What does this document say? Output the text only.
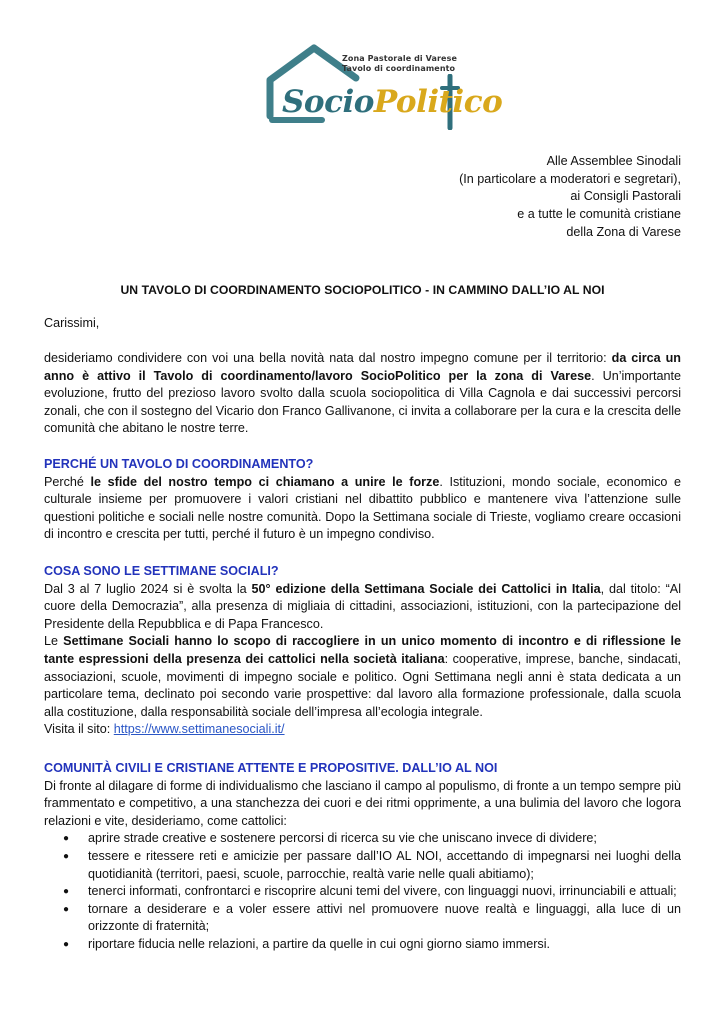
Zona Pastorale di Varese
Tavolo di coordinamento
SocioPolitico
Alle Assemblee Sinodali
(In particolare a moderatori e segretari),
ai Consigli Pastorali
e a tutte le comunità cristiane
della Zona di Varese
UN TAVOLO DI COORDINAMENTO SOCIOPOLITICO - IN CAMMINO DALL’IO AL NOI
Carissimi,
desideriamo condividere con voi una bella novità nata dal nostro impegno comune per il territorio: da circa un anno è attivo il Tavolo di coordinamento/lavoro SocioPolitico per la zona di Varese. Un’importante evoluzione, frutto del prezioso lavoro svolto dalla scuola sociopolitica di Villa Cagnola e dai successivi percorsi zonali, che con il sostegno del Vicario don Franco Gallivanone, ci invita a collaborare per la cura e la crescita delle comunità che abitano le nostre terre.
PERCHÉ UN TAVOLO DI COORDINAMENTO?
Perché le sfide del nostro tempo ci chiamano a unire le forze. Istituzioni, mondo sociale, economico e culturale insieme per promuovere i valori cristiani nel dibattito pubblico e mantenere viva l’attenzione sulle questioni politiche e sociali nelle nostre comunità. Dopo la Settimana sociale di Trieste, vogliamo creare occasioni di incontro e crescita per tutti, perché il futuro è un impegno condiviso.
COSA SONO LE SETTIMANE SOCIALI?
Dal 3 al 7 luglio 2024 si è svolta la 50° edizione della Settimana Sociale dei Cattolici in Italia, dal titolo: “Al cuore della Democrazia”, alla presenza di migliaia di cittadini, associazioni, istituzioni, con la partecipazione del Presidente della Repubblica e di Papa Francesco.
Le Settimane Sociali hanno lo scopo di raccogliere in un unico momento di incontro e di riflessione le tante espressioni della presenza dei cattolici nella società italiana: cooperative, imprese, banche, sindacati, associazioni, scuole, movimenti di impegno sociale e politico. Ogni Settimana negli anni è stata dedicata a un particolare tema, declinato poi secondo varie prospettive: dal lavoro alla formazione professionale, dalla scuola alla costituzione, dalla responsabilità sociale dell’impresa all’ecologia integrale.
Visita il sito: https://www.settimanesociali.it/
COMUNITÀ CIVILI E CRISTIANE ATTENTE E PROPOSITIVE. DALL’IO AL NOI
Di fronte al dilagare di forme di individualismo che lasciano il campo al populismo, di fronte a un tempo sempre più frammentato e competitivo, a una stanchezza dei cuori e dei ritmi opprimente, a una bulimia del lavoro che logora relazioni e vite, desideriamo, come cattolici:
● aprire strade creative e sostenere percorsi di ricerca su vie che uniscano invece di dividere;
● tessere e ritessere reti e amicizie per passare dall’IO AL NOI, accettando di impegnarsi nei luoghi della quotidianità (territori, paesi, scuole, parrocchie, realtà varie nelle quali abitiamo);
● tenerci informati, confrontarci e riscoprire alcuni temi del vivere, con linguaggi nuovi, irrinunciabili e attuali;
● tornare a desiderare e a voler essere attivi nel promuovere nuove realtà e linguaggi, alla luce di un orizzonte di fraternità;
● riportare fiducia nelle relazioni, a partire da quelle in cui ogni giorno siamo immersi.
